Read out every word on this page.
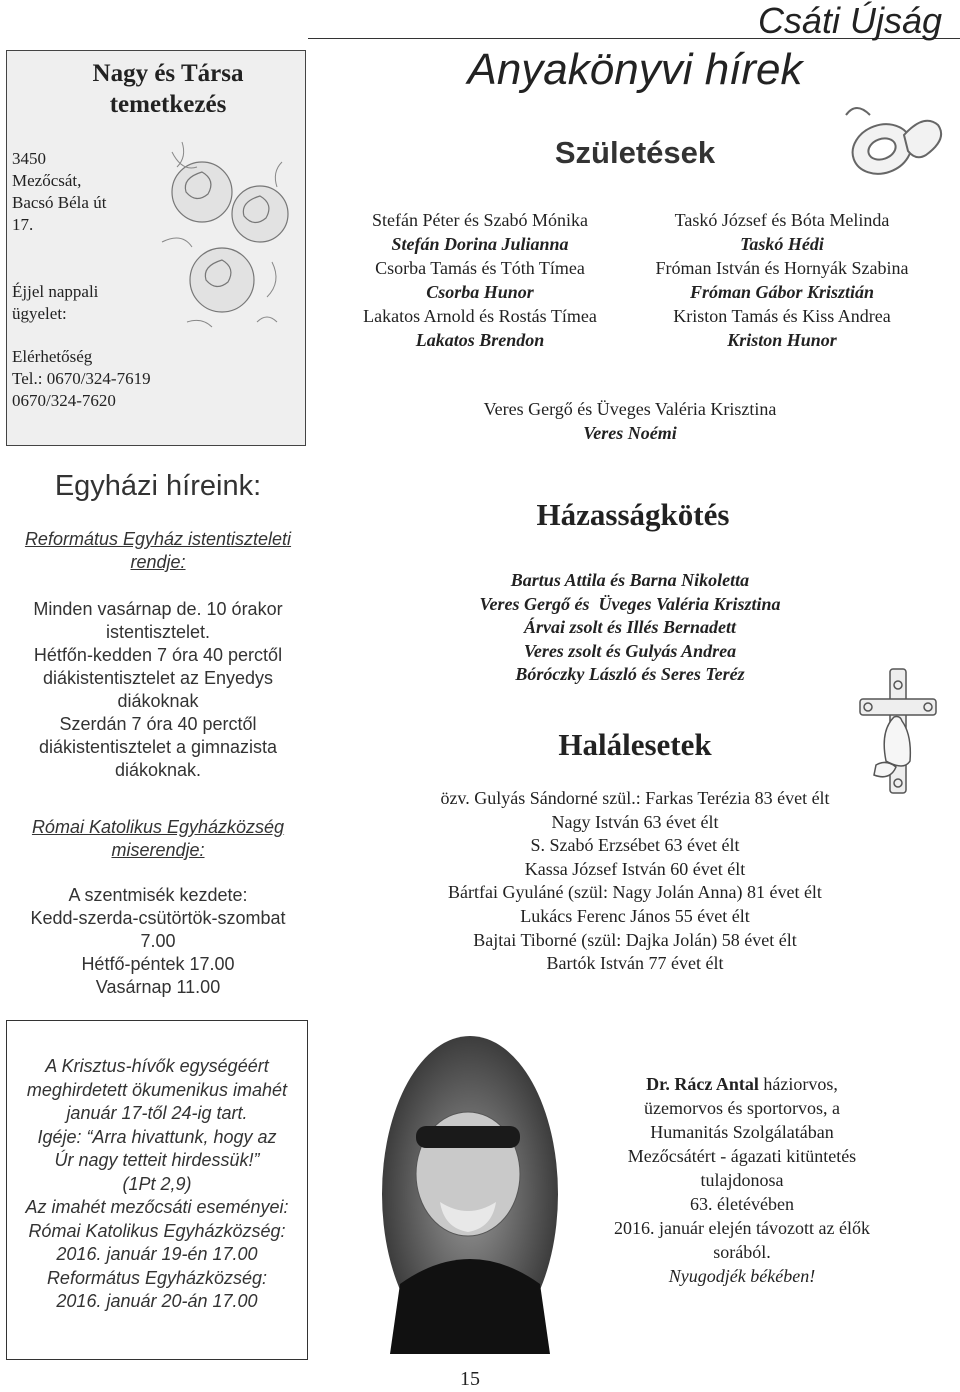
Csáti Újság
Anyakönyvi hírek
Nagy és Társa
temetkezés
3450
Mezőcsát,
Bacsó Béla út
17.
Éjjel nappali
ügyelet:
Elérhetőség
Tel.: 0670/324-7619
0670/324-7620
Egyházi híreink:
Református Egyház istentiszteleti
rendje:
Minden vasárnap de. 10 órakor
istentisztelet.
Hétfőn-kedden 7 óra 40 perctől
diákistentisztelet az Enyedys
diákoknak
Szerdán 7 óra 40 perctől
diákistentisztelet a gimnazista
diákoknak.
Római Katolikus Egyházközség
miserendje:
A szentmisék kezdete:
Kedd-szerda-csütörtök-szombat
7.00
Hétfő-péntek 17.00
Vasárnap 11.00
A Krisztus-hívők egységéért
meghirdetett ökumenikus imahét
január 17-től 24-ig tart.
Igéje: “Arra hivattunk, hogy az
Úr nagy tetteit hirdessük!”
(1Pt 2,9)
Az imahét mezőcsáti eseményei:
Római Katolikus Egyházközség:
2016. január 19-én 17.00
Református Egyházközség:
2016. január 20-án 17.00
Születések
Stefán Péter és Szabó Mónika
Stefán Dorina Julianna
Csorba Tamás és Tóth Tímea
Csorba Hunor
Lakatos Arnold és Rostás Tímea
Lakatos Brendon
Taskó József és Bóta Melinda
Taskó Hédi
Fróman István és Hornyák Szabina
Fróman Gábor Krisztián
Kriston Tamás és Kiss Andrea
Kriston Hunor
Veres Gergő és Üveges Valéria Krisztina
Veres Noémi
Házasságkötés
Bartus Attila és Barna Nikoletta
Veres Gergő és  Üveges Valéria Krisztina
Árvai zsolt és Illés Bernadett
Veres zsolt és Gulyás Andrea
Bóróczky László és Seres Teréz
Halálesetek
özv. Gulyás Sándorné szül.: Farkas Terézia 83 évet élt
Nagy István 63 évet élt
S. Szabó Erzsébet 63 évet élt
Kassa József István 60 évet élt
Bártfai Gyuláné (szül: Nagy Jolán Anna) 81 évet élt
Lukács Ferenc János 55 évet élt
Bajtai Tiborné (szül: Dajka Jolán) 58 évet élt
Bartók István 77 évet élt
Dr. Rácz Antal háziorvos,
üzemorvos és sportorvos, a
Humanitás Szolgálatában
Mezőcsátért - ágazati kitüntetés
tulajdonosa
63. életévében
2016. január elején távozott az élők
sorából.
Nyugodjék békében!
15
